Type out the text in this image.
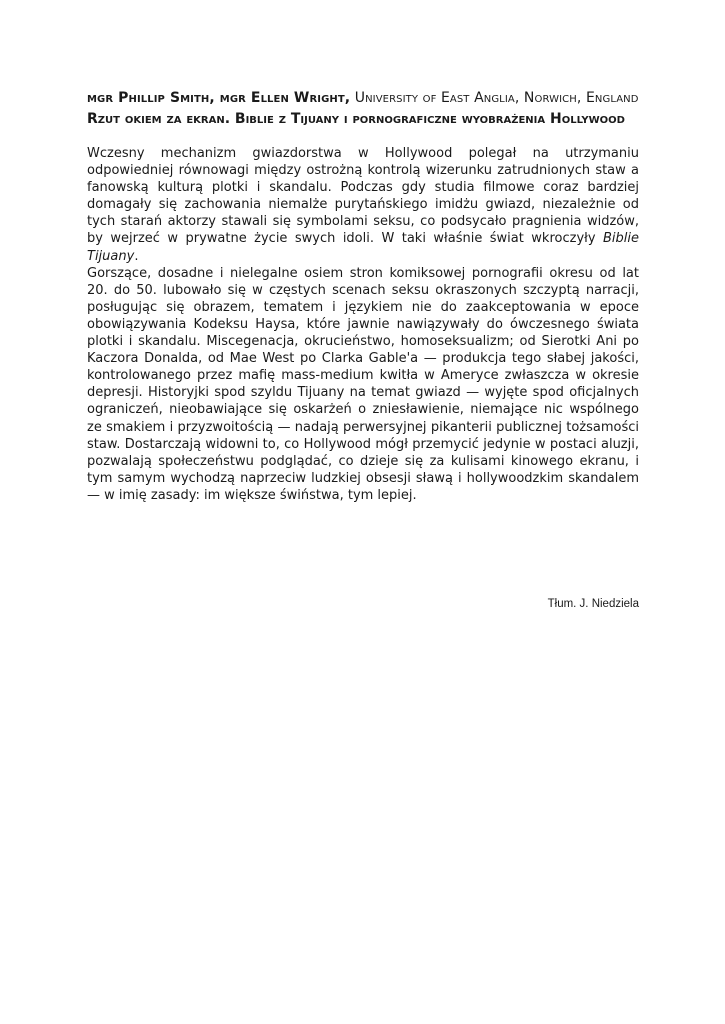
mgr Phillip Smith, mgr Ellen Wright, University of East Anglia, Norwich, England
Rzut okiem za ekran. Biblie z Tijuany i pornograficzne wyobrażenia Hollywood

Wczesny mechanizm gwiazdorstwa w Hollywood polegał na utrzymaniu odpowiedniej równowagi między ostrożną kontrolą wizerunku zatrudnionych staw a fanowską kulturą plotki i skandalu. Podczas gdy studia filmowe coraz bardziej domagały się zachowania niemalże purytańskiego imidżu gwiazd, niezależnie od tych starań aktorzy stawali się symbolami seksu, co podsycało pragnienia widzów, by wejrzeć w prywatne życie swych idoli. W taki właśnie świat wkroczyły Biblie Tijuany.

Gorszące, dosadne i nielegalne osiem stron komiksowej pornografii okresu od lat 20. do 50. lubowało się w częstych scenach seksu okraszonych szczyptą narracji, posługując się obrazem, tematem i językiem nie do zaakceptowania w epoce obowiązywania Kodeksu Haysa, które jawnie nawiązywały do ówczesnego świata plotki i skandalu. Miscegenacja, okrucieństwo, homoseksualizm; od Sierotki Ani po Kaczora Donalda, od Mae West po Clarka Gable'a — produkcja tego słabej jakości, kontrolowanego przez mafię mass-medium kwitła w Ameryce zwłaszcza w okresie depresji. Historyjki spod szyldu Tijuany na temat gwiazd — wyjęte spod oficjalnych ograniczeń, nieobawiające się oskarżeń o zniesławienie, niemające nic wspólnego ze smakiem i przyzwoitością — nadają perwersyjnej pikanterii publicznej tożsamości staw. Dostarczają widowni to, co Hollywood mógł przemycić jedynie w postaci aluzji, pozwalają społeczeństwu podglądać, co dzieje się za kulisami kinowego ekranu, i tym samym wychodzą naprzeciw ludzkiej obsesji sławą i hollywoodzkim skandalem — w imię zasady: im większe świństwa, tym lepiej.

Tłum. J. Niedziela
